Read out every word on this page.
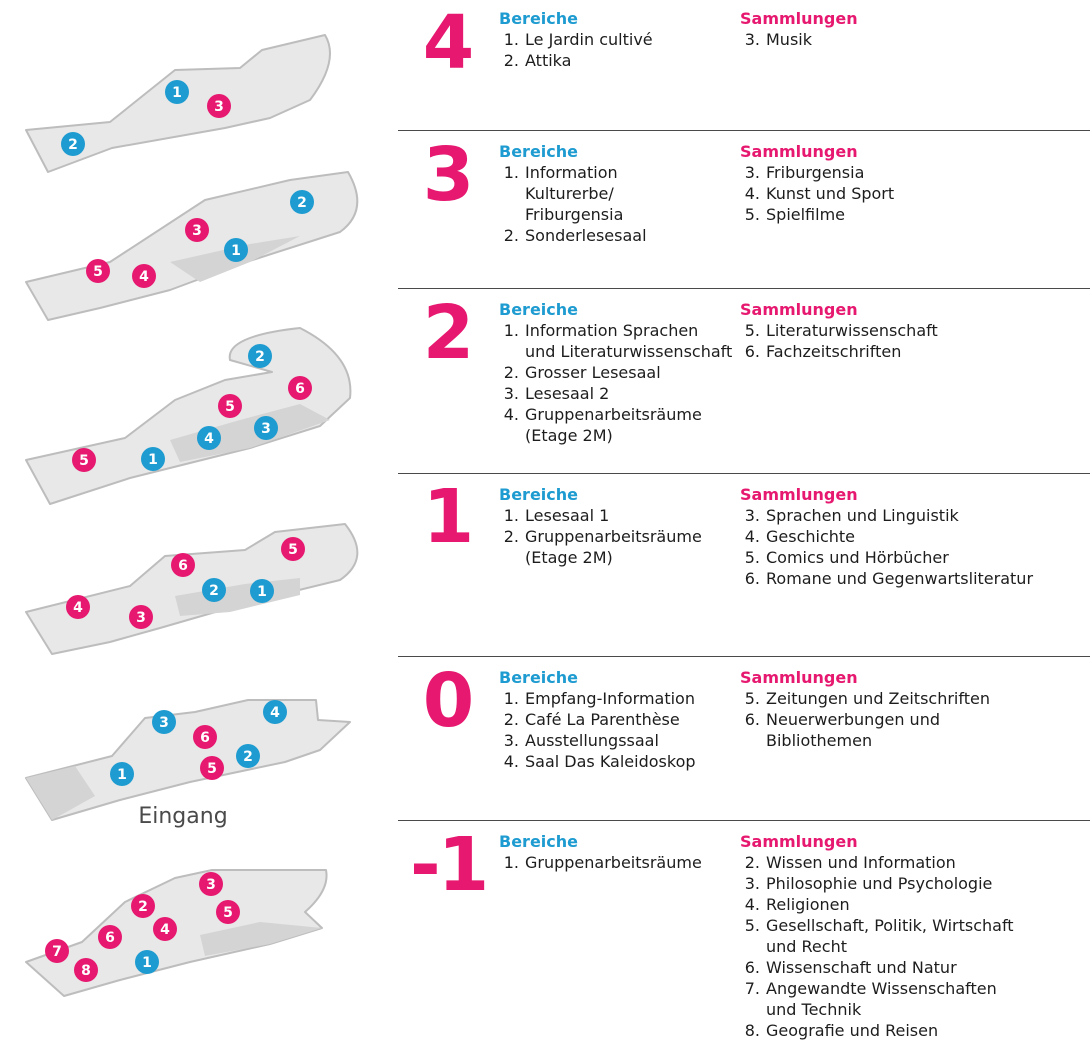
1
3
2
2
3
1
5	4
2
6
5
3
4
5	1
5
6
2	1
4
3
3
4
6
2
5
1
3
2	5
4
6
7
1
8
Eingang
4	Bereiche
1. Le Jardin cultivé
2. Attika
Sammlungen
3. Musik
3	Bereiche
1. Information
Kulturerbe/
Friburgensia
2. Sonderlesesaal
Sammlungen
3. Friburgensia
4. Kunst und Sport
5. Spielfilme
2	Bereiche
1. Information Sprachen
und Literaturwissenschaft
2. Grosser Lesesaal
3. Lesesaal 2
4. Gruppenarbeitsräume
(Etage 2M)
Sammlungen
5. Literaturwissenschaft
6. Fachzeitschriften
1	Bereiche
1. Lesesaal 1
2. Gruppenarbeitsräume
(Etage 2M)
Sammlungen
3. Sprachen und Linguistik
4. Geschichte
5. Comics und Hörbücher
6. Romane und Gegenwartsliteratur
0	Bereiche
1. Empfang-Information
2. Café La Parenthèse
3. Ausstellungssaal
4. Saal Das Kaleidoskop
Sammlungen
5. Zeitungen und Zeitschriften
6. Neuerwerbungen und
Bibliothemen
-1 Bereiche
1. Gruppenarbeitsräume
Sammlungen
2. Wissen und Information
3. Philosophie und Psychologie
4. Religionen
5. Gesellschaft, Politik, Wirtschaft
und Recht
6. Wissenschaft und Natur
7. Angewandte Wissenschaften
und Technik
8. Geografie und Reisen
